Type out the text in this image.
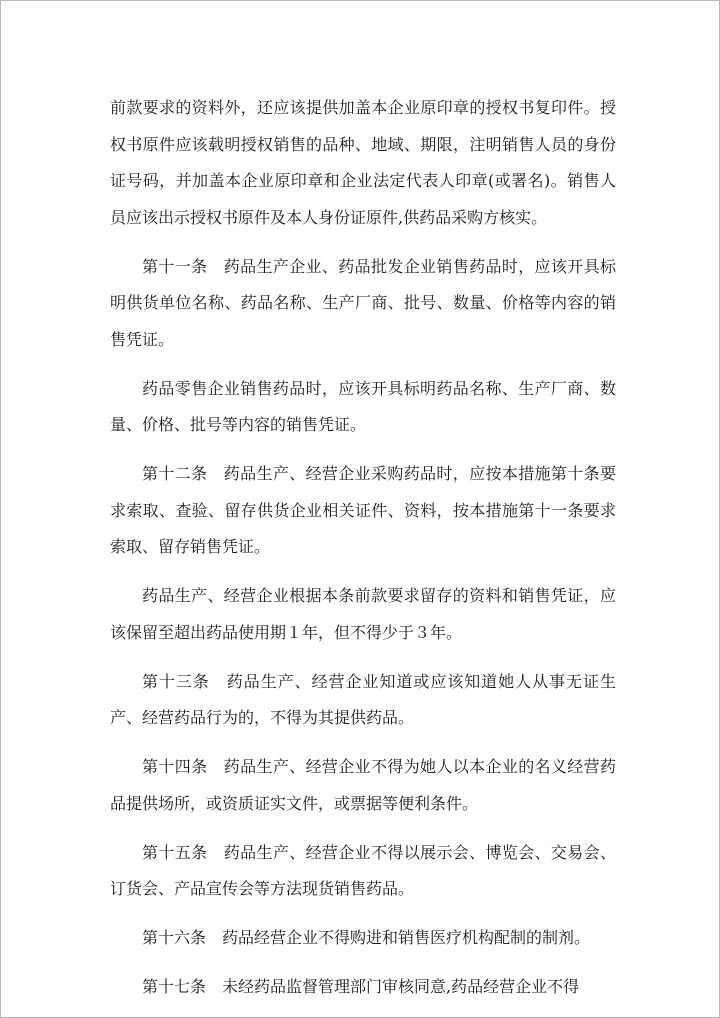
前款要求的资料外，还应该提供加盖本企业原印章的授权书复印件。授权书原件应该载明授权销售的品种、地域、期限，注明销售人员的身份证号码，并加盖本企业原印章和企业法定代表人印章(或署名)。销售人员应该出示授权书原件及本人身份证原件,供药品采购方核实。

第十一条　药品生产企业、药品批发企业销售药品时，应该开具标明供货单位名称、药品名称、生产厂商、批号、数量、价格等内容的销售凭证。

药品零售企业销售药品时，应该开具标明药品名称、生产厂商、数量、价格、批号等内容的销售凭证。

第十二条　药品生产、经营企业采购药品时，应按本措施第十条要求索取、查验、留存供货企业相关证件、资料，按本措施第十一条要求索取、留存销售凭证。

药品生产、经营企业根据本条前款要求留存的资料和销售凭证，应该保留至超出药品使用期１年，但不得少于３年。

第十三条　药品生产、经营企业知道或应该知道她人从事无证生产、经营药品行为的，不得为其提供药品。

第十四条　药品生产、经营企业不得为她人以本企业的名义经营药品提供场所，或资质证实文件，或票据等便利条件。

第十五条　药品生产、经营企业不得以展示会、博览会、交易会、订货会、产品宣传会等方法现货销售药品。

第十六条　药品经营企业不得购进和销售医疗机构配制的制剂。

第十七条　未经药品监督管理部门审核同意,药品经营企业不得
